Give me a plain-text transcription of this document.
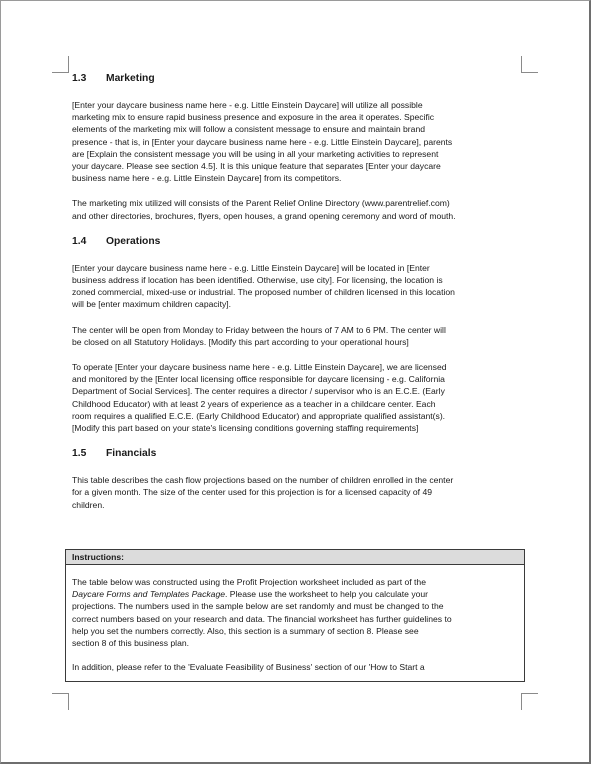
1.3	Marketing
[Enter your daycare business name here - e.g. Little Einstein Daycare] will utilize all possible
marketing mix to ensure rapid business presence and exposure in the area it operates. Specific
elements of the marketing mix will follow a consistent message to ensure and maintain brand
presence - that is, in [Enter your daycare business name here - e.g. Little Einstein Daycare], parents
are [Explain the consistent message you will be using in all your marketing activities to represent
your daycare. Please see section 4.5]. It is this unique feature that separates [Enter your daycare
business name here - e.g. Little Einstein Daycare] from its competitors.
The marketing mix utilized will consists of the Parent Relief Online Directory (www.parentrelief.com)
and other directories, brochures, flyers, open houses, a grand opening ceremony and word of mouth.
1.4	Operations
[Enter your daycare business name here - e.g. Little Einstein Daycare] will be located in [Enter
business address if location has been identified. Otherwise, use city]. For licensing, the location is
zoned commercial, mixed-use or industrial. The proposed number of children licensed in this location
will be [enter maximum children capacity].
The center will be open from Monday to Friday between the hours of 7 AM to 6 PM. The center will
be closed on all Statutory Holidays. [Modify this part according to your operational hours]
To operate [Enter your daycare business name here - e.g. Little Einstein Daycare], we are licensed
and monitored by the [Enter local licensing office responsible for daycare licensing - e.g. California
Department of Social Services]. The center requires a director / supervisor who is an E.C.E. (Early
Childhood Educator) with at least 2 years of experience as a teacher in a childcare center. Each
room requires a qualified E.C.E. (Early Childhood Educator) and appropriate qualified assistant(s).
[Modify this part based on your state's licensing conditions governing staffing requirements]
1.5	Financials
This table describes the cash flow projections based on the number of children enrolled in the center
for a given month. The size of the center used for this projection is for a licensed capacity of 49
children.
Instructions:
The table below was constructed using the Profit Projection worksheet included as part of the
Daycare Forms and Templates Package. Please use the worksheet to help you calculate your
projections. The numbers used in the sample below are set randomly and must be changed to the
correct numbers based on your research and data. The financial worksheet has further guidelines to
help you set the numbers correctly. Also, this section is a summary of section 8. Please see
section 8 of this business plan.
In addition, please refer to the 'Evaluate Feasibility of Business' section of our 'How to Start a
